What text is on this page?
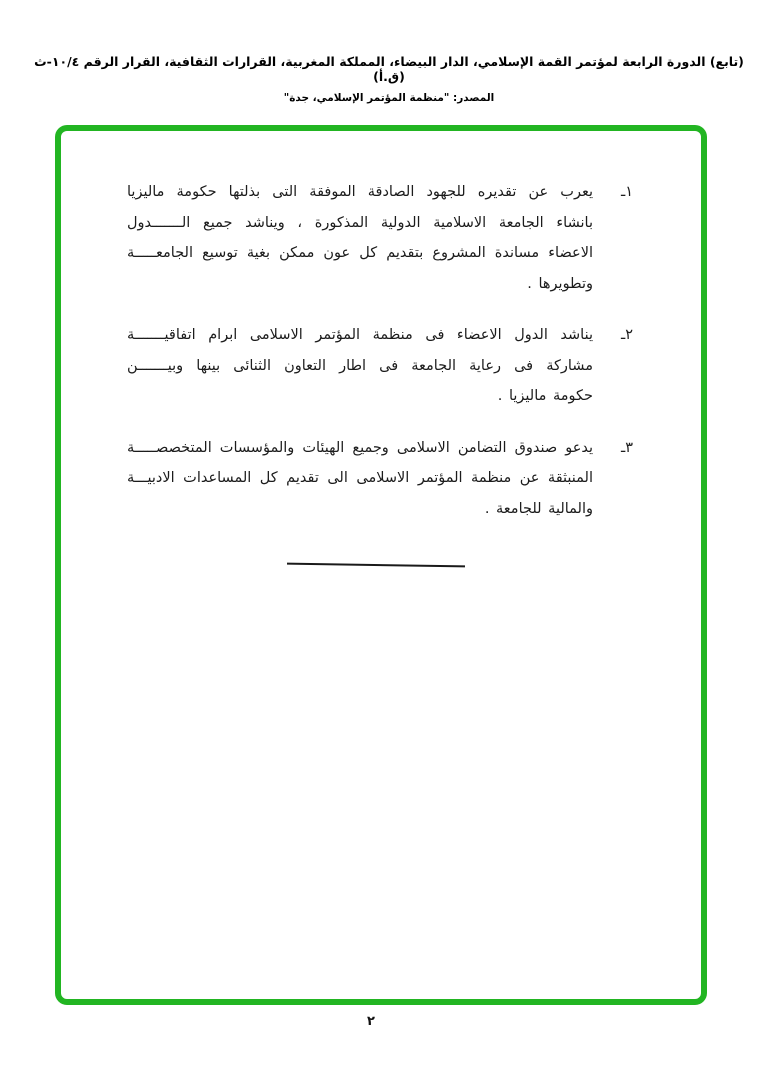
(تابع) الدورة الرابعة لمؤتمر القمة الإسلامي، الدار البيضاء، المملكة المغربية، القرارات الثقافية، القرار الرقم ١٠/٤-ث (ق.أ)
المصدر: "منظمة المؤتمر الإسلامي، جدة"
١ـ
يعرب عن تقديره للجهود الصادقة الموفقة التى بذلتها حكومة ماليزيا
بانشاء الجامعة الاسلامية الدولية المذكورة ، ويناشد جميع الـــــــدول
الاعضاء مساندة المشروع بتقديم كل عون ممكن بغية توسيع الجامعـــــة
وتطويرها .
٢ـ
يناشد الدول الاعضاء فى منظمة المؤتمر الاسلامى ابرام اتفاقيـــــــة
مشاركة فى رعاية الجامعة فى اطار التعاون الثنائى بينها وبيـــــــن
حكومة ماليزيا .
٣ـ
يدعو صندوق التضامن الاسلامى وجميع الهيئات والمؤسسات المتخصصـــــة
المنبثقة عن منظمة المؤتمر الاسلامى الى تقديم كل المساعدات الادبيـــة
والمالية للجامعة .
٢
